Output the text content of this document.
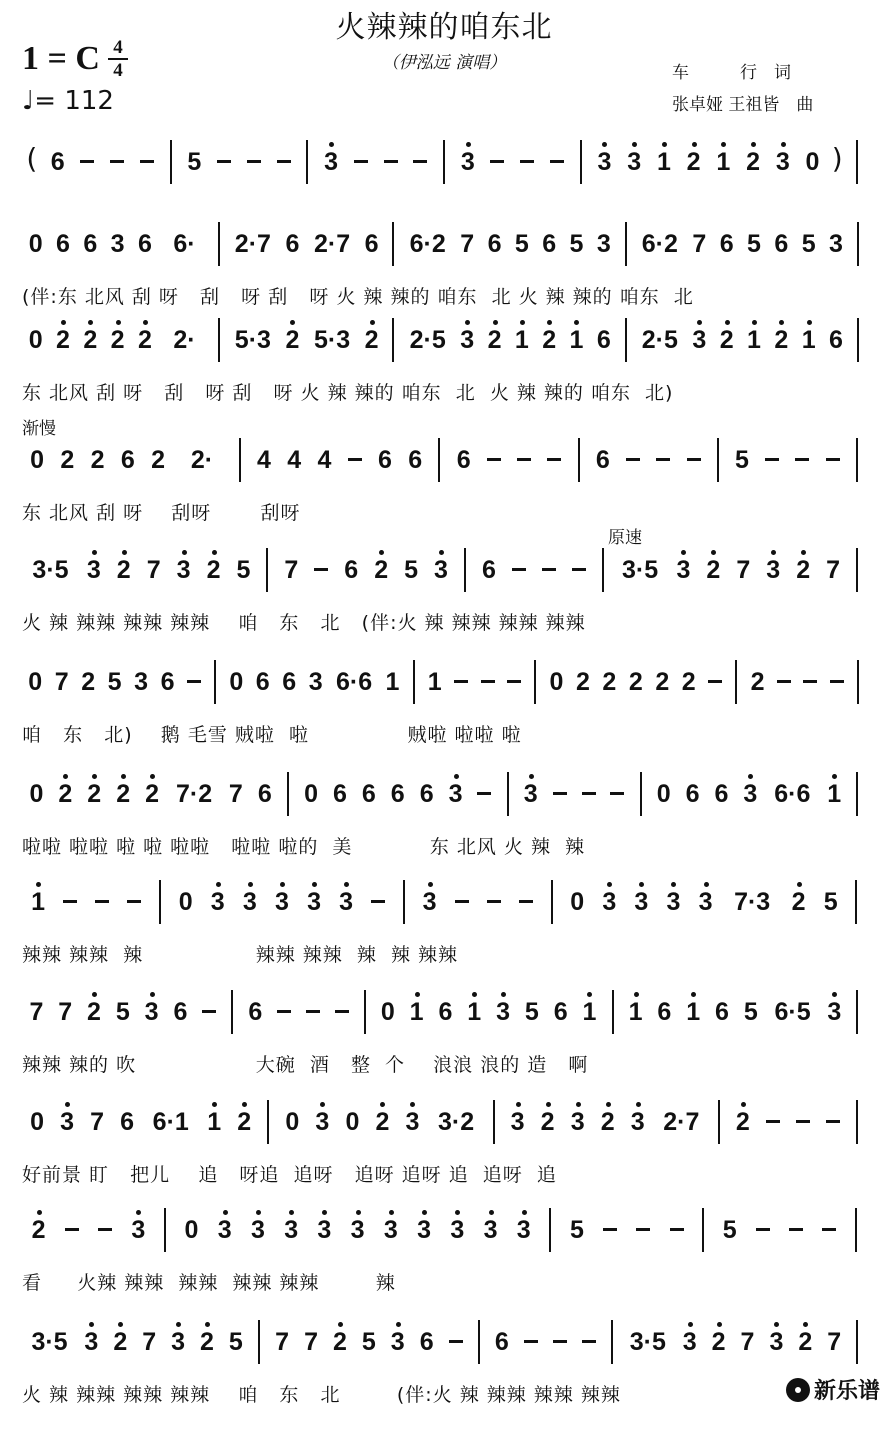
火辣辣的咱东北
（伊泓远 演唱）
1 = C 4
4
♩= 112
车　　　行　词
张卓娅 王祖皆　曲
渐慢
原速
( 6	5	3	3	3 3 1 2 1 2 3 0 )
0 6 6 3 6 6· 2·7 6 2·7 6 6·2 7 6 5 6 5 3 6·2 7 6 5 6 5 3
(伴:东 北风 刮 呀   刮   呀 刮   呀 火 辣 辣的 咱东  北 火 辣 辣的 咱东  北
0 2 2 2 2 2· 5·3 2 5·3 2 2·5 3 2 1 2 1 6 2·5 3 2 1 2 1 6
东 北风 刮 呀   刮   呀 刮   呀 火 辣 辣的 咱东  北  火 辣 辣的 咱东  北)
0 2 2 6 2 2· 4 4 4 6 6 6	6	5
东 北风 刮 呀    刮呀       刮呀
3·5 3 2 7 3 2 5 7 6 2 5 3 6	3·5 3 2 7 3 2 7
火 辣 辣辣 辣辣 辣辣    咱   东   北   (伴:火 辣 辣辣 辣辣 辣辣
0 7 2 5 3 6 0 6 6 3 6·6 1 1	0 2 2 2 2 2 2
咱   东   北)    鹅 毛雪 贼啦  啦              贼啦 啦啦 啦
0 2 2 2 2 7·2 7 6 0 6 6 6 6 3 3	0 6 6 3 6·6 1
啦啦 啦啦 啦 啦 啦啦   啦啦 啦的  美           东 北风 火 辣  辣
1	0 3 3 3 3 3	3	0 3 3 3 3 7·3 2 5
辣辣 辣辣  辣                辣辣 辣辣  辣  辣 辣辣
7 7 2 5 3 6 6	0 1 6 1 3 5 6 1 1 6 1 6 5 6·5 3
辣辣 辣的 吹                 大碗  酒   整  个    浪浪 浪的 造   啊
0 3 7 6 6·1 1 2 0 3 0 2 3 3·2 3 2 3 2 3 2·7 2
好前景 盯   把儿    追   呀追  追呀   追呀 追呀 追  追呀  追
2	3 0 3 3 3 3 3 3 3 3 3 3 5	5
看     火辣 辣辣  辣辣  辣辣 辣辣        辣
3·5 3 2 7 3 2 5 7 7 2 5 3 6 6	3·5 3 2 7 3 2 7
火 辣 辣辣 辣辣 辣辣    咱   东   北        (伴:火 辣 辣辣 辣辣 辣辣	新乐谱
